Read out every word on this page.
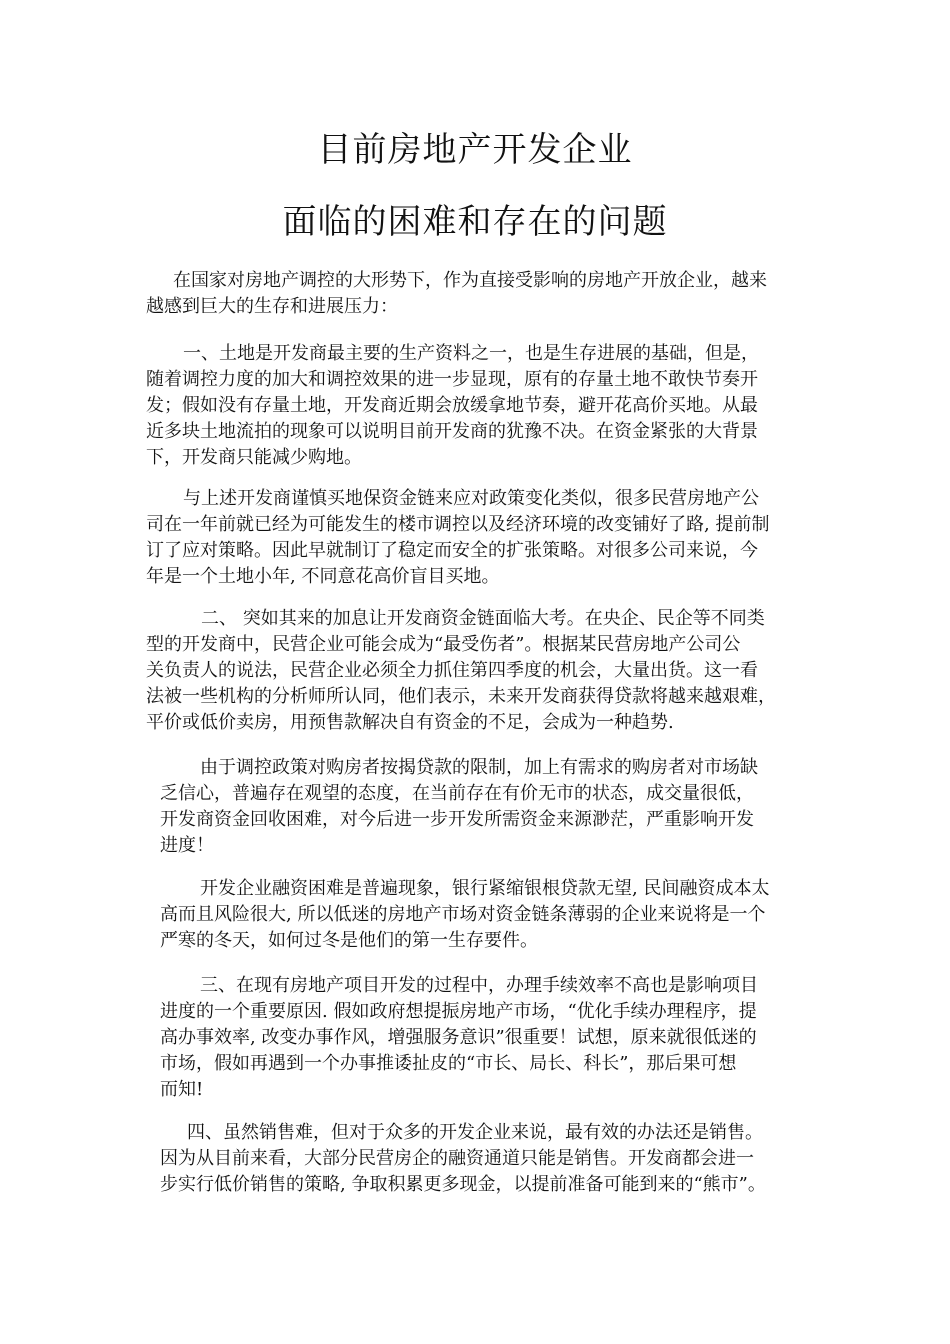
目前房地产开发企业
面临的困难和存在的问题
在国家对房地产调控的大形势下，作为直接受影响的房地产开放企业，越来
越感到巨大的生存和进展压力：
一、土地是开发商最主要的生产资料之一，也是生存进展的基础，但是，
随着调控力度的加大和调控效果的进一步显现，原有的存量土地不敢快节奏开
发；假如没有存量土地，开发商近期会放缓拿地节奏，避开花高价买地。从最
近多块土地流拍的现象可以说明目前开发商的犹豫不决。在资金紧张的大背景
下，开发商只能减少购地。
与上述开发商谨慎买地保资金链来应对政策变化类似，很多民营房地产公
司在一年前就已经为可能发生的楼市调控以及经济环境的改变铺好了路, 提前制
订了应对策略。因此早就制订了稳定而安全的扩张策略。对很多公司来说，今
年是一个土地小年, 不同意花高价盲目买地。
二、 突如其来的加息让开发商资金链面临大考。在央企、民企等不同类
型的开发商中，民营企业可能会成为“最受伤者”。根据某民营房地产公司公
关负责人的说法，民营企业必须全力抓住第四季度的机会，大量出货。这一看
法被一些机构的分析师所认同，他们表示，未来开发商获得贷款将越来越艰难，
平价或低价卖房，用预售款解决自有资金的不足，会成为一种趋势.
由于调控政策对购房者按揭贷款的限制，加上有需求的购房者对市场缺
乏信心，普遍存在观望的态度，在当前存在有价无市的状态，成交量很低，
开发商资金回收困难，对今后进一步开发所需资金来源渺茫，严重影响开发
进度！
开发企业融资困难是普遍现象，银行紧缩银根贷款无望, 民间融资成本太
高而且风险很大, 所以低迷的房地产市场对资金链条薄弱的企业来说将是一个
严寒的冬天，如何过冬是他们的第一生存要件。
三、在现有房地产项目开发的过程中，办理手续效率不高也是影响项目
进度的一个重要原因. 假如政府想提振房地产市场，“优化手续办理程序，提
高办事效率, 改变办事作风，增强服务意识”很重要！试想，原来就很低迷的
市场，假如再遇到一个办事推诿扯皮的“市长、局长、科长”，那后果可想
而知!
四、虽然销售难，但对于众多的开发企业来说，最有效的办法还是销售。
因为从目前来看，大部分民营房企的融资通道只能是销售。开发商都会进一
步实行低价销售的策略, 争取积累更多现金，以提前准备可能到来的“熊市”。
